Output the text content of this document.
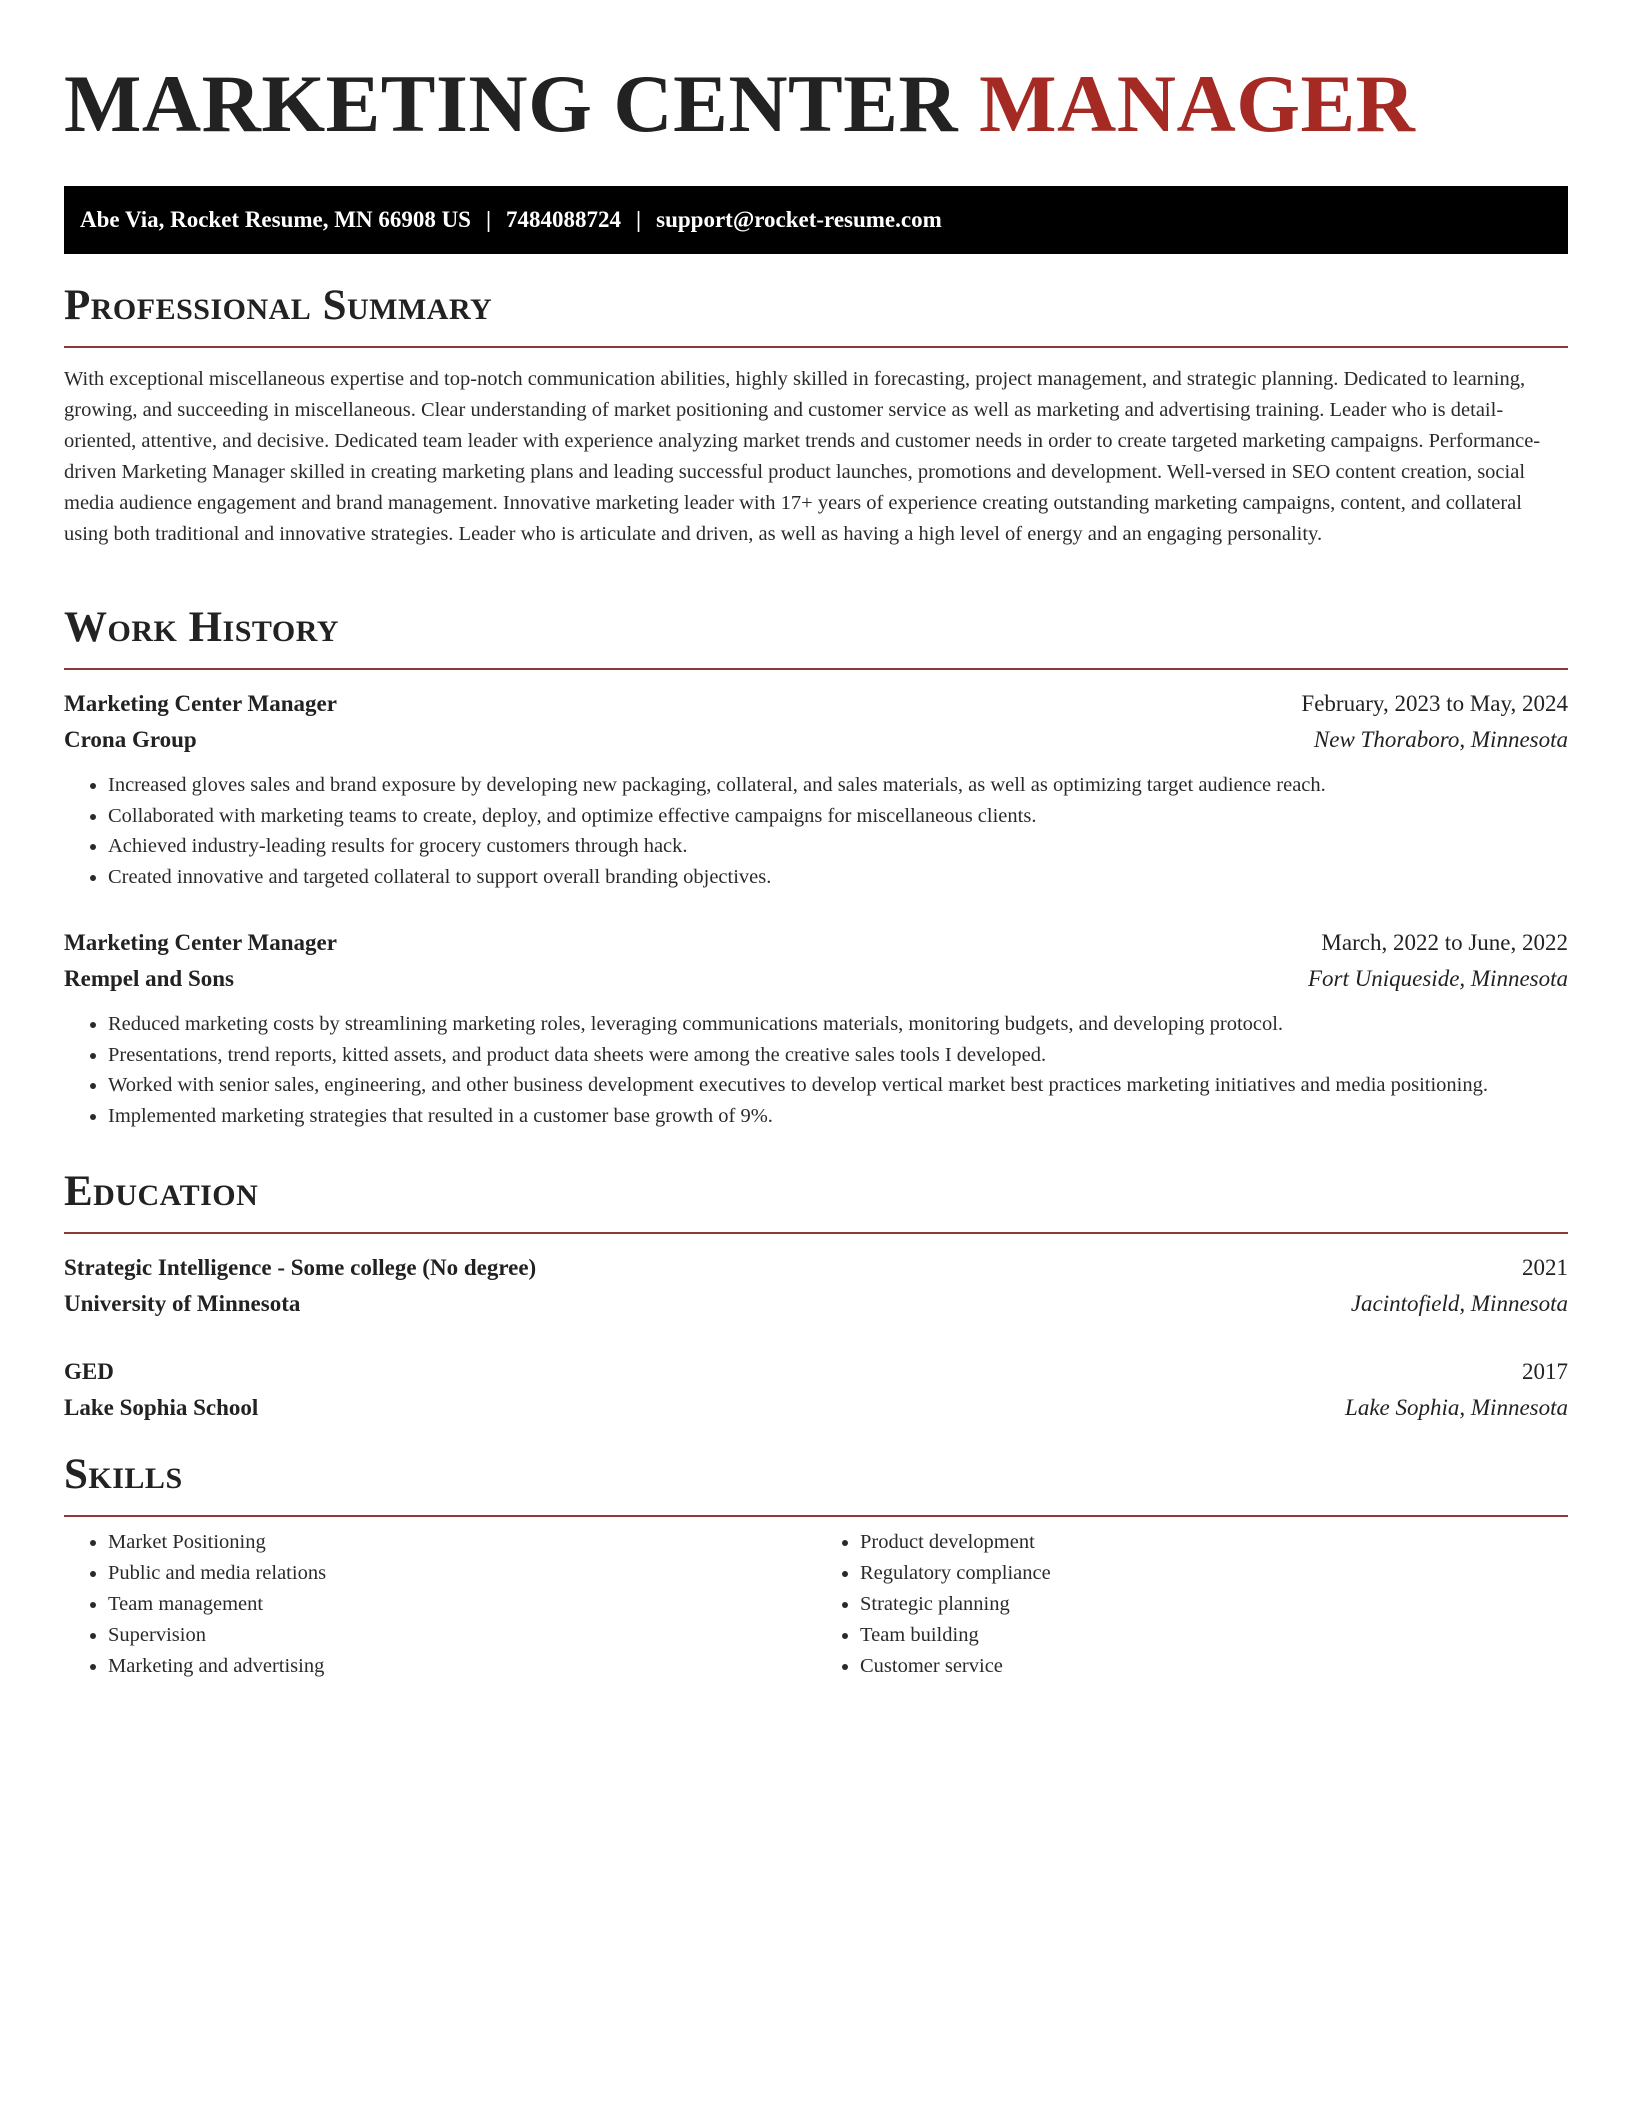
MARKETING CENTER MANAGER
Abe Via, Rocket Resume, MN 66908 US | 7484088724 | support@rocket-resume.com
Professional Summary

With exceptional miscellaneous expertise and top-notch communication abilities, highly skilled in forecasting, project management, and strategic planning. Dedicated to learning, growing, and succeeding in miscellaneous. Clear understanding of market positioning and customer service as well as marketing and advertising training. Leader who is detail-oriented, attentive, and decisive. Dedicated team leader with experience analyzing market trends and customer needs in order to create targeted marketing campaigns. Performance-driven Marketing Manager skilled in creating marketing plans and leading successful product launches, promotions and development. Well-versed in SEO content creation, social media audience engagement and brand management. Innovative marketing leader with 17+ years of experience creating outstanding marketing campaigns, content, and collateral using both traditional and innovative strategies. Leader who is articulate and driven, as well as having a high level of energy and an engaging personality.

Work History
Marketing Center Manager	February, 2023 to May, 2024
Crona Group	New Thoraboro, Minnesota
• Increased gloves sales and brand exposure by developing new packaging, collateral, and sales materials, as well as optimizing target audience reach.
• Collaborated with marketing teams to create, deploy, and optimize effective campaigns for miscellaneous clients.
• Achieved industry-leading results for grocery customers through hack.
• Created innovative and targeted collateral to support overall branding objectives.
Marketing Center Manager	March, 2022 to June, 2022
Rempel and Sons	Fort Uniqueside, Minnesota
• Reduced marketing costs by streamlining marketing roles, leveraging communications materials, monitoring budgets, and developing protocol.
• Presentations, trend reports, kitted assets, and product data sheets were among the creative sales tools I developed.
• Worked with senior sales, engineering, and other business development executives to develop vertical market best practices marketing initiatives and media positioning.
• Implemented marketing strategies that resulted in a customer base growth of 9%.
Education
Strategic Intelligence - Some college (No degree)	2021
University of Minnesota	Jacintofield, Minnesota
GED	2017
Lake Sophia School	Lake Sophia, Minnesota
Skills
• Market Positioning
• Public and media relations
• Team management
• Supervision
• Marketing and advertising
• Product development
• Regulatory compliance
• Strategic planning
• Team building
• Customer service
